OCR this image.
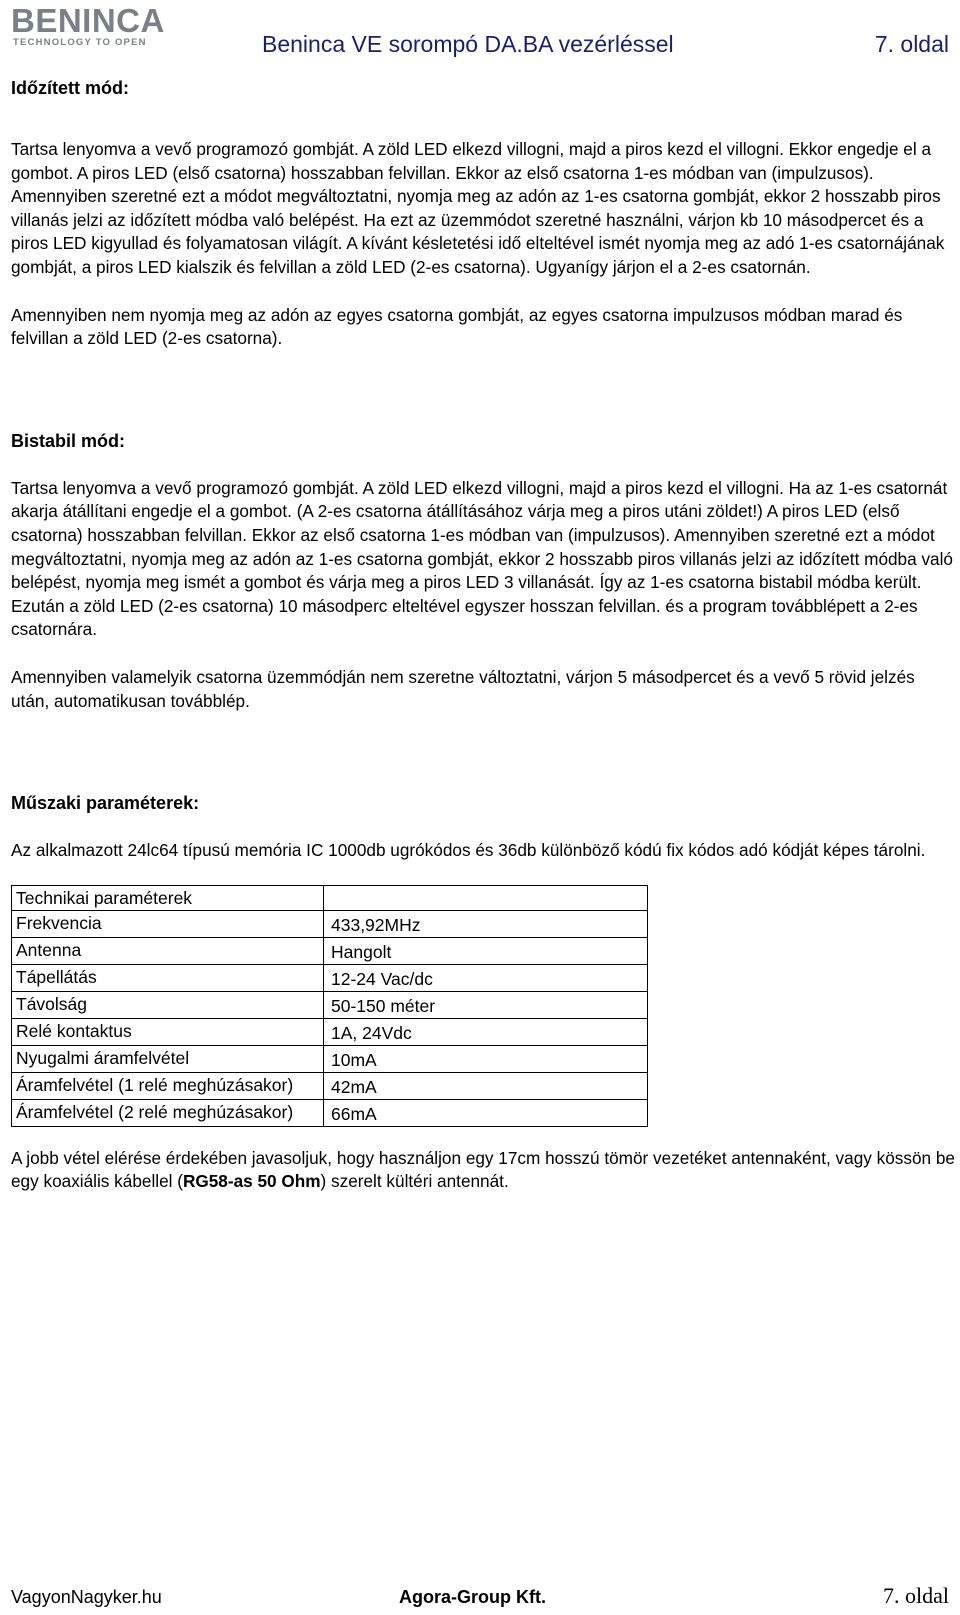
BENINCA
TECHNOLOGY TO OPEN	Beninca VE sorompó DA.BA vezérléssel	7. oldal

Időzített mód:

Tartsa lenyomva a vevő programozó gombját. A zöld LED elkezd villogni, majd a piros kezd el villogni. Ekkor engedje el a gombot. A piros LED (első csatorna) hosszabban felvillan. Ekkor az első csatorna 1-es módban van (impulzusos). Amennyiben szeretné ezt a módot megváltoztatni, nyomja meg az adón az 1-es csatorna gombját, ekkor 2 hosszabb piros villanás jelzi az időzített módba való belépést. Ha ezt az üzemmódot szeretné használni, várjon kb 10 másodpercet és a piros LED kigyullad és folyamatosan világít. A kívánt késletetési idő elteltével ismét nyomja meg az adó 1-es csatornájának gombját, a piros LED kialszik és felvillan a zöld LED (2-es csatorna). Ugyanígy járjon el a 2-es csatornán.

Amennyiben nem nyomja meg az adón az egyes csatorna gombját, az egyes csatorna impulzusos módban marad és felvillan a zöld LED (2-es csatorna).

Bistabil mód:

Tartsa lenyomva a vevő programozó gombját. A zöld LED elkezd villogni, majd a piros kezd el villogni. Ha az 1-es csatornát akarja átállítani engedje el a gombot. (A 2-es csatorna átállításához várja meg a piros utáni zöldet!) A piros LED (első csatorna) hosszabban felvillan. Ekkor az első csatorna 1-es módban van (impulzusos). Amennyiben szeretné ezt a módot megváltoztatni, nyomja meg az adón az 1-es csatorna gombját, ekkor 2 hosszabb piros villanás jelzi az időzített módba való belépést, nyomja meg ismét a gombot és várja meg a piros LED 3 villanását. Így az 1-es csatorna bistabil módba került. Ezután a zöld LED (2-es csatorna) 10 másodperc elteltével egyszer hosszan felvillan. és a program továbblépett a 2-es csatornára.

Amennyiben valamelyik csatorna üzemmódján nem szeretne változtatni, várjon 5 másodpercet és a vevő 5 rövid jelzés után, automatikusan továbblép.

Műszaki paraméterek:

Az alkalmazott 24lc64 típusú memória IC 1000db ugrókódos és 36db különböző kódú fix kódos adó kódját képes tárolni.

Technikai paraméterek	
Frekvencia	433,92MHz
Antenna	Hangolt
Tápellátás	12-24 Vac/dc
Távolság	50-150 méter
Relé kontaktus	1A, 24Vdc
Nyugalmi áramfelvétel	10mA
Áramfelvétel (1 relé meghúzásakor)	42mA
Áramfelvétel (2 relé meghúzásakor)	66mA

A jobb vétel elérése érdekében javasoljuk, hogy használjon egy 17cm hosszú tömör vezetéket antennaként, vagy kössön be egy koaxiális kábellel (RG58-as 50 Ohm) szerelt kültéri antennát.

VagyonNagyker.hu	Agora-Group Kft.	7. oldal
